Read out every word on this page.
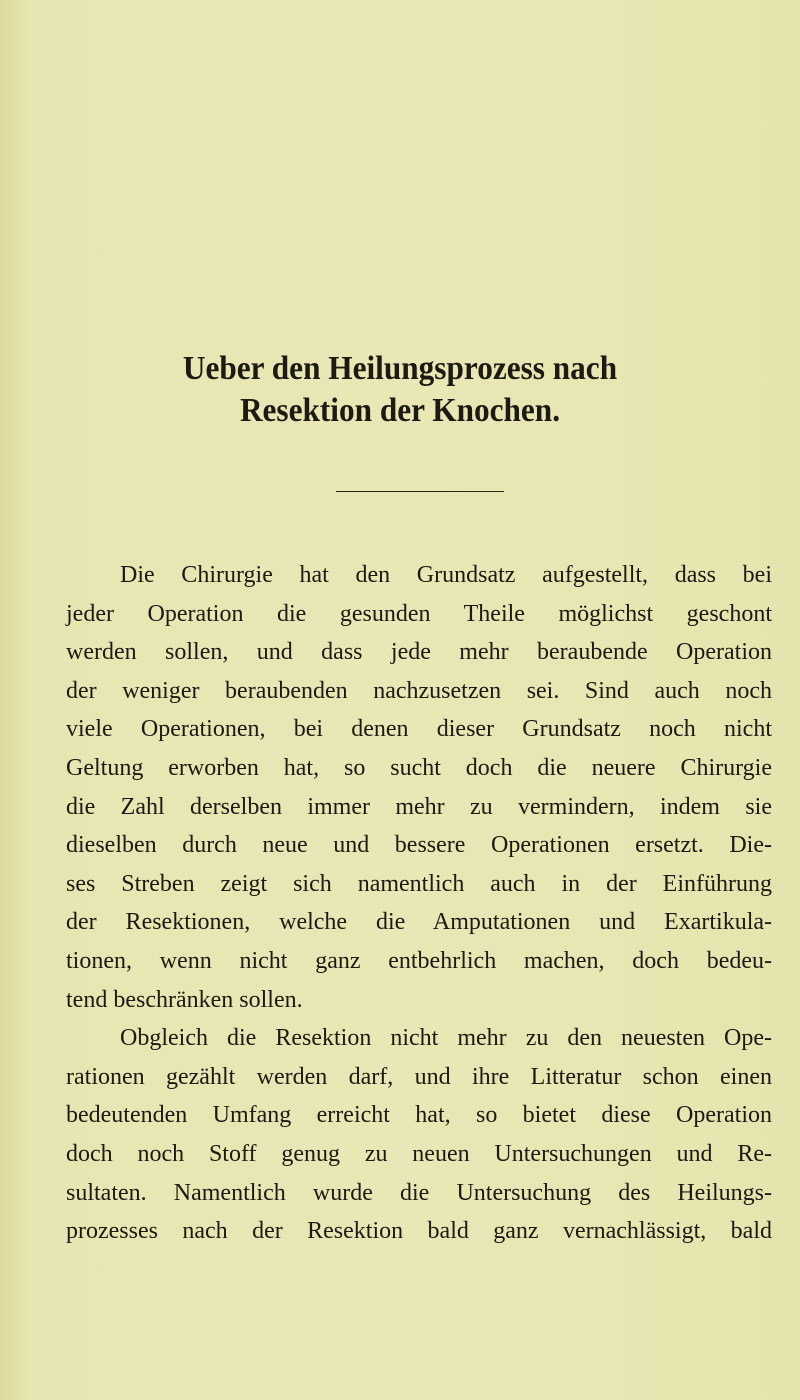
Ueber den Heilungsprozess nach
Resektion der Knochen.
Die Chirurgie hat den Grundsatz aufgestellt, dass bei
jeder Operation die gesunden Theile möglichst geschont
werden sollen, und dass jede mehr beraubende Operation
der weniger beraubenden nachzusetzen sei. Sind auch noch
viele Operationen, bei denen dieser Grundsatz noch nicht
Geltung erworben hat, so sucht doch die neuere Chirurgie
die Zahl derselben immer mehr zu vermindern, indem sie
dieselben durch neue und bessere Operationen ersetzt. Die-
ses Streben zeigt sich namentlich auch in der Einführung
der Resektionen, welche die Amputationen und Exartikula-
tionen, wenn nicht ganz entbehrlich machen, doch bedeu-
tend beschränken sollen.
Obgleich die Resektion nicht mehr zu den neuesten Ope-
rationen gezählt werden darf, und ihre Litteratur schon einen
bedeutenden Umfang erreicht hat, so bietet diese Operation
doch noch Stoff genug zu neuen Untersuchungen und Re-
sultaten. Namentlich wurde die Untersuchung des Heilungs-
prozesses nach der Resektion bald ganz vernachlässigt, bald
